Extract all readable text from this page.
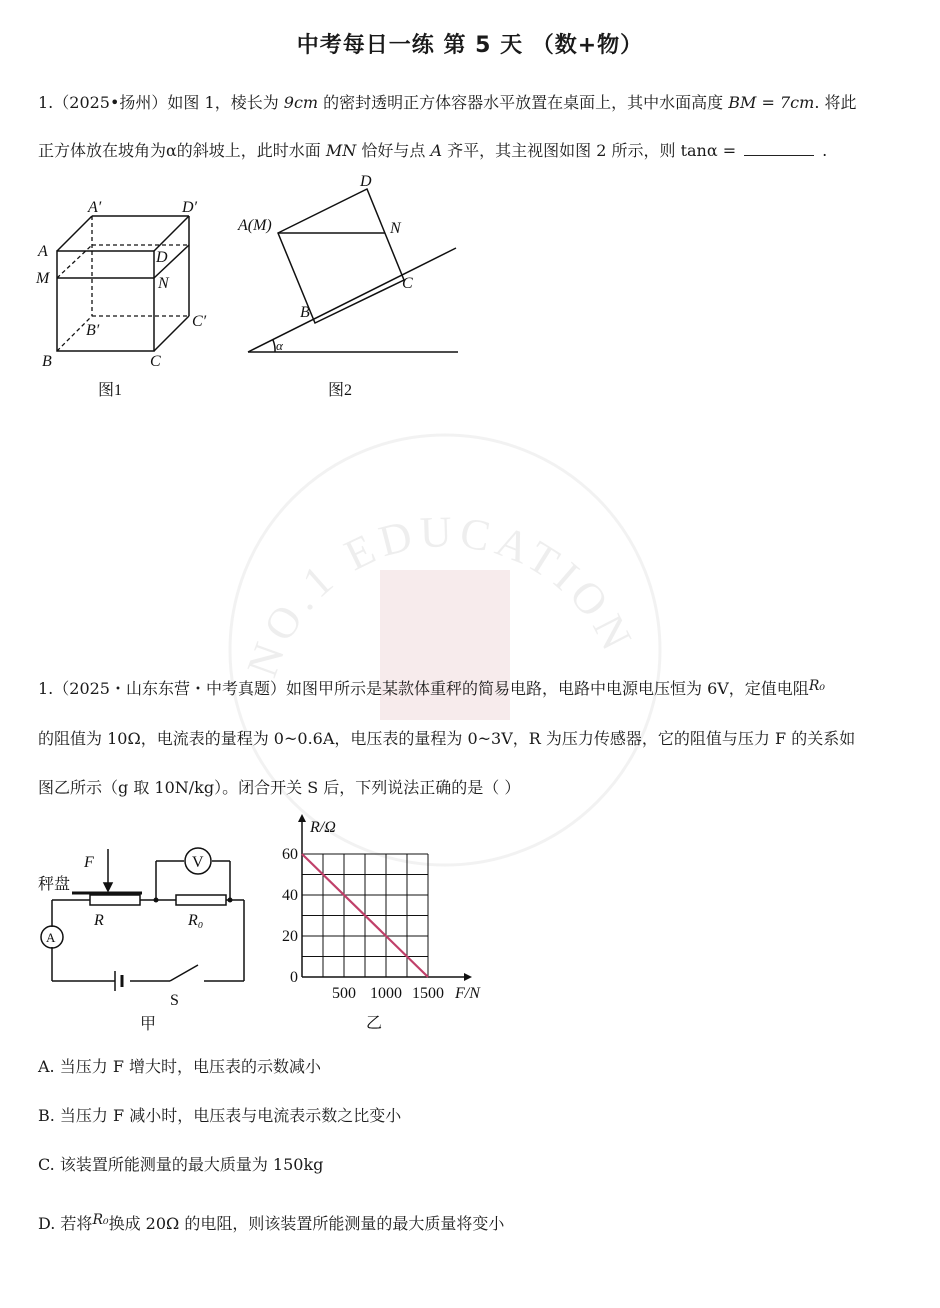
中考每日一练 第 5 天 （数+物）
NO.1 EDUCATION
1.（2025•扬州）如图 1，棱长为 9cm 的密封透明正方体容器水平放置在桌面上，其中水面高度 BM = 7cm. 将此
正方体放在坡角为α的斜坡上，此时水面 MN 恰好与点 A 齐平，其主视图如图 2 所示，则 tanα =	.
A′	D′
A	D
M	N
B′
C′
B	C
图1
D
A(M)	N
C
B
α
图2
1.（2025・山东东营・中考真题）如图甲所示是某款体重秤的简易电路，电路中电源电压恒为 6V，定值电阻R₀
的阻值为 10Ω，电流表的量程为 0~0.6A，电压表的量程为 0~3V，R 为压力传感器，它的阻值与压力 F 的关系如
图乙所示（g 取 10N/kg）。闭合开关 S 后，下列说法正确的是（ ）
V
A
F
秤盘
R	R₀
S
甲
0
20
40
60
500 1000 1500
R/Ω
F/N
乙
A. 当压力 F 增大时，电压表的示数减小
B. 当压力 F 减小时，电压表与电流表示数之比变小
C. 该装置所能测量的最大质量为 150kg
D. 若将R₀换成 20Ω 的电阻，则该装置所能测量的最大质量将变小
